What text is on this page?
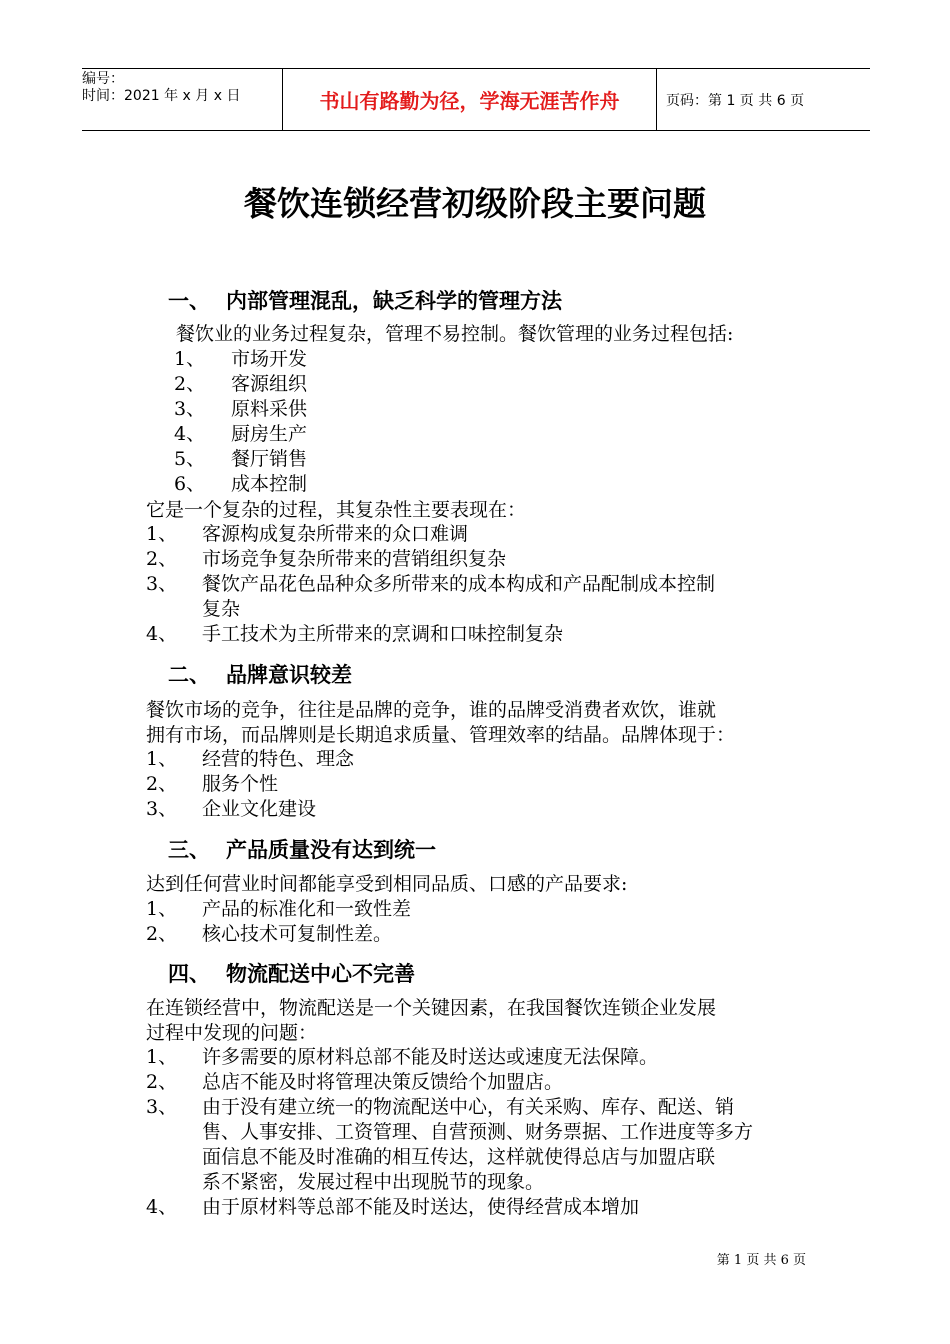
编号：
时间：2021 年 x 月 x 日	书山有路勤为径，学海无涯苦作舟	页码：第 1 页 共 6 页
餐饮连锁经营初级阶段主要问题
一、 内部管理混乱，缺乏科学的管理方法
餐饮业的业务过程复杂，管理不易控制。餐饮管理的业务过程包括:
1、 市场开发
2、 客源组织
3、 原料采供
4、 厨房生产
5、 餐厅销售
6、 成本控制
它是一个复杂的过程，其复杂性主要表现在：
1、 客源构成复杂所带来的众口难调
2、 市场竞争复杂所带来的营销组织复杂
3、 餐饮产品花色品种众多所带来的成本构成和产品配制成本控制
复杂
4、 手工技术为主所带来的烹调和口味控制复杂
二、 品牌意识较差
餐饮市场的竞争，往往是品牌的竞争，谁的品牌受消费者欢饮，谁就
拥有市场，而品牌则是长期追求质量、管理效率的结晶。品牌体现于：
1、 经营的特色、理念
2、 服务个性
3、 企业文化建设
三、 产品质量没有达到统一
达到任何营业时间都能享受到相同品质、口感的产品要求:
1、 产品的标准化和一致性差
2、 核心技术可复制性差。
四、 物流配送中心不完善
在连锁经营中，物流配送是一个关键因素，在我国餐饮连锁企业发展
过程中发现的问题：
1、 许多需要的原材料总部不能及时送达或速度无法保障。
2、 总店不能及时将管理决策反馈给个加盟店。
3、 由于没有建立统一的物流配送中心，有关采购、库存、配送、销
售、人事安排、工资管理、自营预测、财务票据、工作进度等多方
面信息不能及时准确的相互传达，这样就使得总店与加盟店联
系不紧密，发展过程中出现脱节的现象。
4、 由于原材料等总部不能及时送达，使得经营成本增加
第 1 页 共 6 页
